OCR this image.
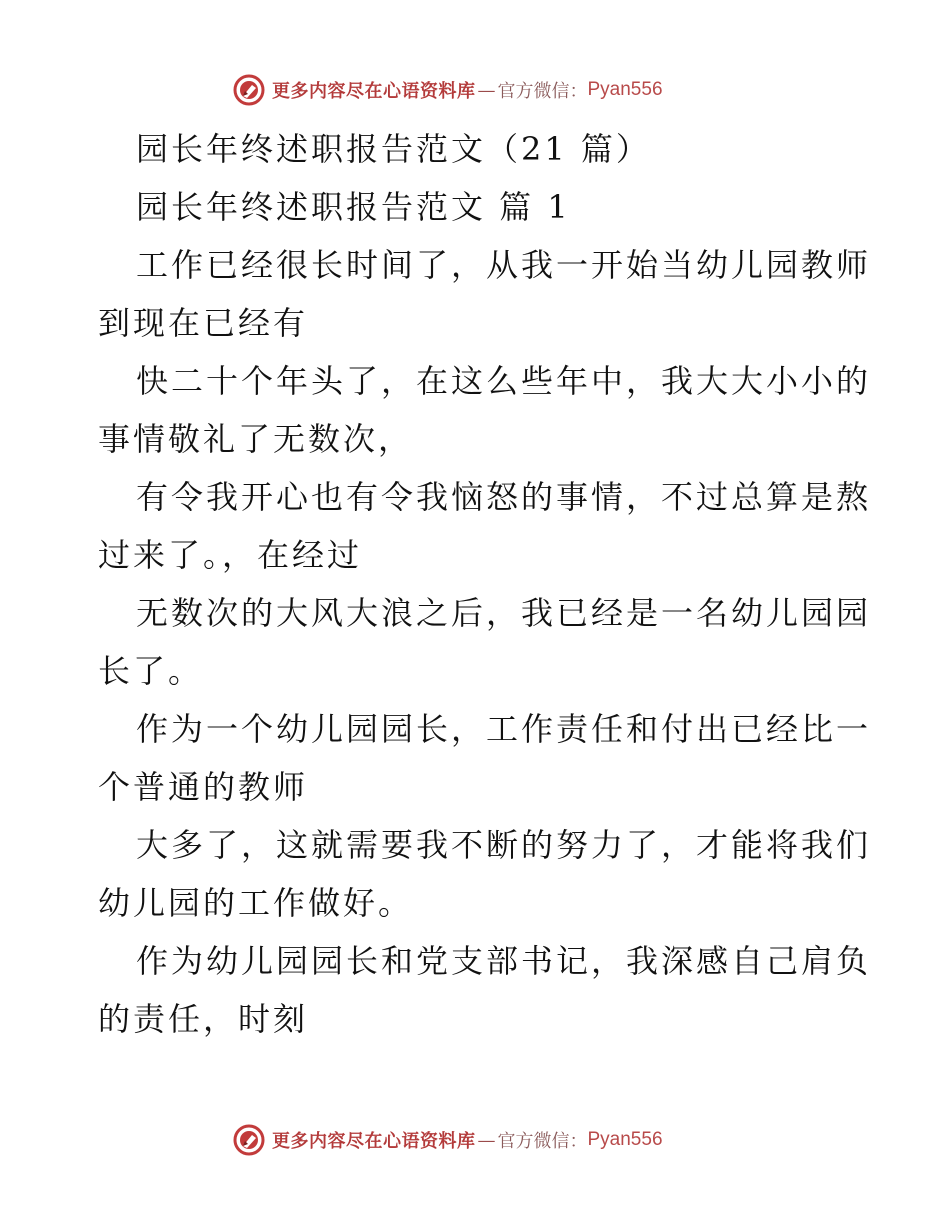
更多内容尽在心语资料库 — 官方微信： Pyan556
园长年终述职报告范文（21 篇）
园长年终述职报告范文 篇 1
工作已经很长时间了，从我一开始当幼儿园教师
到现在已经有
快二十个年头了，在这么些年中，我大大小小的
事情敬礼了无数次，
有令我开心也有令我恼怒的事情，不过总算是熬
过来了。，在经过
无数次的大风大浪之后，我已经是一名幼儿园园
长了。
作为一个幼儿园园长，工作责任和付出已经比一
个普通的教师
大多了，这就需要我不断的努力了，才能将我们
幼儿园的工作做好。
作为幼儿园园长和党支部书记，我深感自己肩负
的责任，时刻
更多内容尽在心语资料库 — 官方微信： Pyan556
